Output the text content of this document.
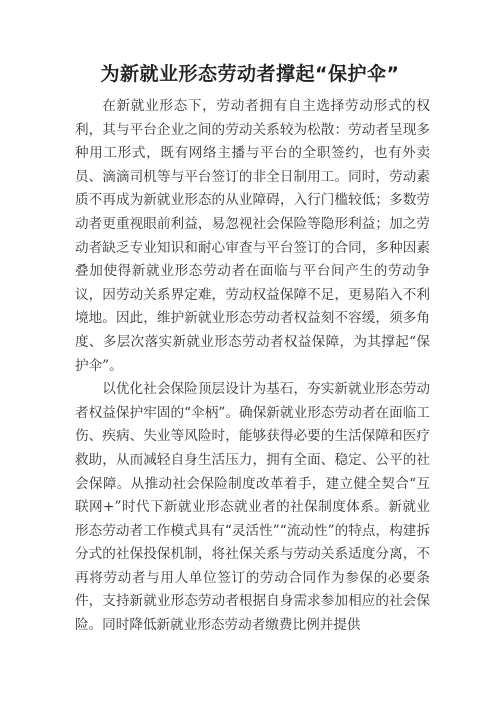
为新就业形态劳动者撑起“保护伞”

在新就业形态下，劳动者拥有自主选择劳动形式的权利，其与平台企业之间的劳动关系较为松散：劳动者呈现多种用工形式，既有网络主播与平台的全职签约，也有外卖员、滴滴司机等与平台签订的非全日制用工。同时，劳动素质不再成为新就业形态的从业障碍，入行门槛较低；多数劳动者更重视眼前利益，易忽视社会保险等隐形利益；加之劳动者缺乏专业知识和耐心审查与平台签订的合同，多种因素叠加使得新就业形态劳动者在面临与平台间产生的劳动争议，因劳动关系界定难，劳动权益保障不足，更易陷入不利境地。因此，维护新就业形态劳动者权益刻不容缓，须多角度、多层次落实新就业形态劳动者权益保障，为其撑起“保护伞”。

以优化社会保险顶层设计为基石，夯实新就业形态劳动者权益保护牢固的“伞柄”。确保新就业形态劳动者在面临工伤、疾病、失业等风险时，能够获得必要的生活保障和医疗救助，从而减轻自身生活压力，拥有全面、稳定、公平的社会保障。从推动社会保险制度改革着手，建立健全契合“互联网+”时代下新就业形态就业者的社保制度体系。新就业形态劳动者工作模式具有“灵活性”“流动性”的特点，构建拆分式的社保投保机制，将社保关系与劳动关系适度分离，不再将劳动者与用人单位签订的劳动合同作为参保的必要条件，支持新就业形态劳动者根据自身需求参加相应的社会保险。同时降低新就业形态劳动者缴费比例并提供
